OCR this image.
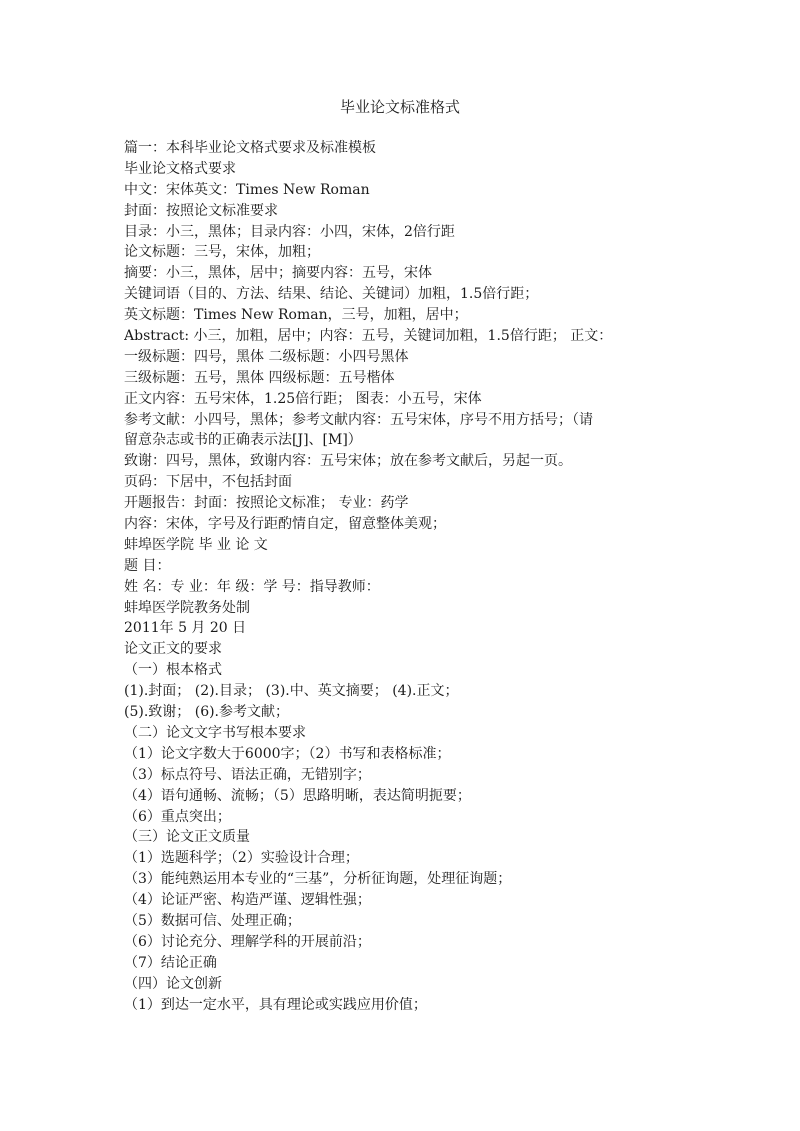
毕业论文标准格式
篇一：本科毕业论文格式要求及标准模板
毕业论文格式要求
中文：宋体英文：Times New Roman
封面：按照论文标准要求
目录：小三，黑体；目录内容：小四，宋体，2倍行距
论文标题：三号，宋体，加粗；
摘要：小三，黑体，居中；摘要内容：五号，宋体
关键词语（目的、方法、结果、结论、关键词）加粗，1.5倍行距；
英文标题：Times New Roman，三号，加粗，居中；
Abstract: 小三，加粗，居中；内容：五号，关键词加粗，1.5倍行距； 正文：
一级标题：四号，黑体 二级标题：小四号黑体
三级标题：五号，黑体 四级标题：五号楷体
正文内容：五号宋体，1.25倍行距； 图表：小五号，宋体
参考文献：小四号，黑体；参考文献内容：五号宋体，序号不用方括号；（请
留意杂志或书的正确表示法[J]、[M]）
致谢：四号，黑体，致谢内容：五号宋体；放在参考文献后，另起一页。
页码：下居中，不包括封面
开题报告：封面：按照论文标准； 专业：药学
内容：宋体，字号及行距酌情自定，留意整体美观；
蚌埠医学院 毕 业 论 文
题 目：
姓 名：专 业：年 级：学 号：指导教师：
蚌埠医学院教务处制
2011年 5 月 20 日
论文正文的要求
（一）根本格式
(1).封面； (2).目录； (3).中、英文摘要； (4).正文；
(5).致谢； (6).参考文献；
（二）论文文字书写根本要求
（1）论文字数大于6000字；（2）书写和表格标准；
（3）标点符号、语法正确，无错别字；
（4）语句通畅、流畅；（5）思路明晰，表达简明扼要；
（6）重点突出；
（三）论文正文质量
（1）选题科学；（2）实验设计合理；
（3）能纯熟运用本专业的“三基”，分析征询题，处理征询题；
（4）论证严密、构造严谨、逻辑性强；
（5）数据可信、处理正确；
（6）讨论充分、理解学科的开展前沿；
（7）结论正确
（四）论文创新
（1）到达一定水平，具有理论或实践应用价值；
